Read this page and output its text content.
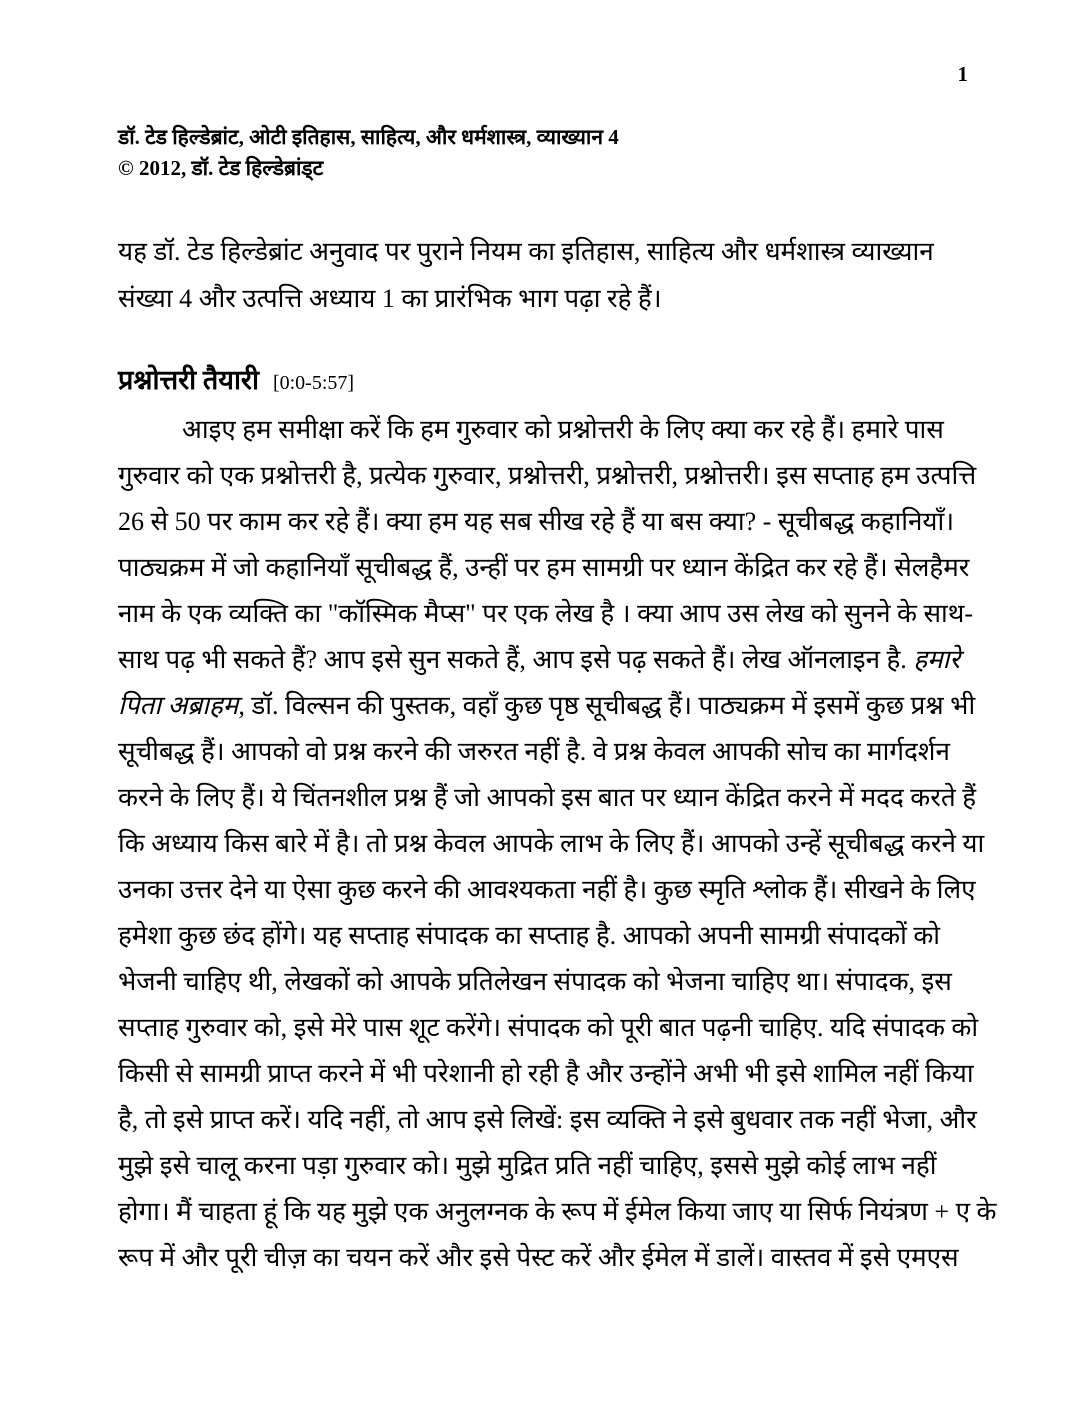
1
डॉ. टेड हिल्डेब्रांट, ओटी इतिहास, साहित्य, और धर्मशास्त्र, व्याख्यान 4
© 2012, डॉ. टेड हिल्डेब्रांड्ट
यह डॉ. टेड हिल्डेब्रांट अनुवाद पर पुराने नियम का इतिहास, साहित्य और धर्मशास्त्र व्याख्यान
संख्या 4 और उत्पत्ति अध्याय 1 का प्रारंभिक भाग पढ़ा रहे हैं।
प्रश्नोत्तरी तैयारी [0:0-5:57]
आइए हम समीक्षा करें कि हम गुरुवार को प्रश्नोत्तरी के लिए क्या कर रहे हैं। हमारे पास
गुरुवार को एक प्रश्नोत्तरी है, प्रत्येक गुरुवार, प्रश्नोत्तरी, प्रश्नोत्तरी, प्रश्नोत्तरी। इस सप्ताह हम उत्पत्ति
26 से 50 पर काम कर रहे हैं। क्या हम यह सब सीख रहे हैं या बस क्या? - सूचीबद्ध कहानियाँ।
पाठ्यक्रम में जो कहानियाँ सूचीबद्ध हैं, उन्हीं पर हम सामग्री पर ध्यान केंद्रित कर रहे हैं। सेलहैमर
नाम के एक व्यक्ति का "कॉस्मिक मैप्स" पर एक लेख है । क्या आप उस लेख को सुनने के साथ-
साथ पढ़ भी सकते हैं? आप इसे सुन सकते हैं, आप इसे पढ़ सकते हैं। लेख ऑनलाइन है. हमारे
पिता अब्राहम, डॉ. विल्सन की पुस्तक, वहाँ कुछ पृष्ठ सूचीबद्ध हैं। पाठ्यक्रम में इसमें कुछ प्रश्न भी
सूचीबद्ध हैं। आपको वो प्रश्न करने की जरुरत नहीं है. वे प्रश्न केवल आपकी सोच का मार्गदर्शन
करने के लिए हैं। ये चिंतनशील प्रश्न हैं जो आपको इस बात पर ध्यान केंद्रित करने में मदद करते हैं
कि अध्याय किस बारे में है। तो प्रश्न केवल आपके लाभ के लिए हैं। आपको उन्हें सूचीबद्ध करने या
उनका उत्तर देने या ऐसा कुछ करने की आवश्यकता नहीं है। कुछ स्मृति श्लोक हैं। सीखने के लिए
हमेशा कुछ छंद होंगे। यह सप्ताह संपादक का सप्ताह है. आपको अपनी सामग्री संपादकों को
भेजनी चाहिए थी, लेखकों को आपके प्रतिलेखन संपादक को भेजना चाहिए था। संपादक, इस
सप्ताह गुरुवार को, इसे मेरे पास शूट करेंगे। संपादक को पूरी बात पढ़नी चाहिए. यदि संपादक को
किसी से सामग्री प्राप्त करने में भी परेशानी हो रही है और उन्होंने अभी भी इसे शामिल नहीं किया
है, तो इसे प्राप्त करें। यदि नहीं, तो आप इसे लिखें: इस व्यक्ति ने इसे बुधवार तक नहीं भेजा, और
मुझे इसे चालू करना पड़ा गुरुवार को। मुझे मुद्रित प्रति नहीं चाहिए, इससे मुझे कोई लाभ नहीं
होगा। मैं चाहता हूं कि यह मुझे एक अनुलग्नक के रूप में ईमेल किया जाए या सिर्फ नियंत्रण + ए के
रूप में और पूरी चीज़ का चयन करें और इसे पेस्ट करें और ईमेल में डालें। वास्तव में इसे एमएस
